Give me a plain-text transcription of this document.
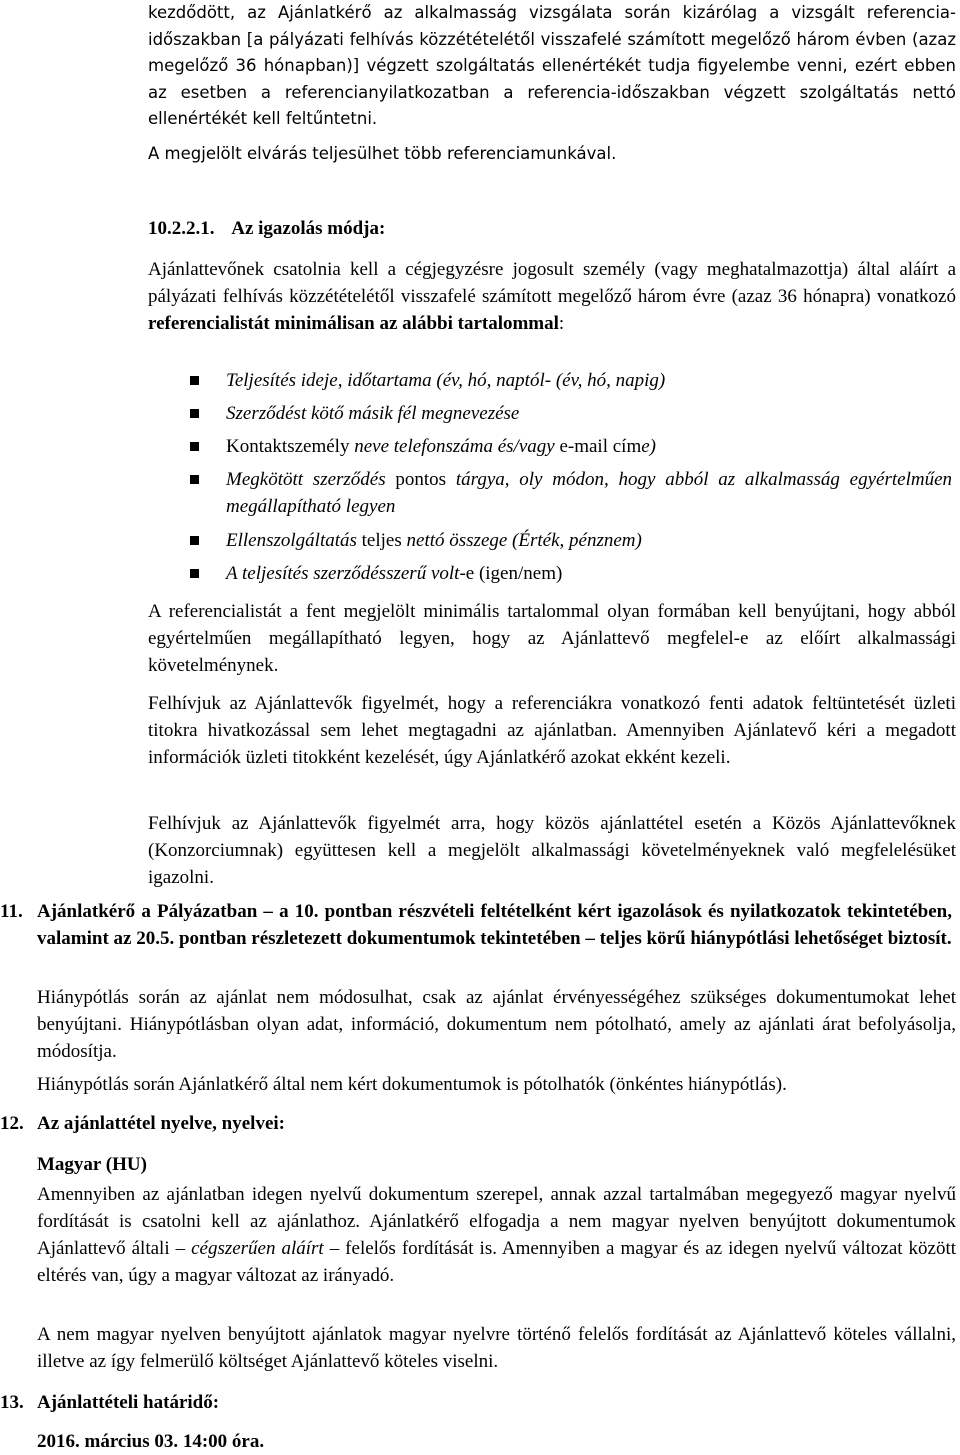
kezdődött, az Ajánlatkérő az alkalmasság vizsgálata során kizárólag a vizsgált referencia-időszakban [a pályázati felhívás közzétételétől visszafelé számított megelőző három évben (azaz megelőző 36 hónapban)] végzett szolgáltatás ellenértékét tudja figyelembe venni, ezért ebben az esetben a referencianyilatkozatban a referencia-időszakban végzett szolgáltatás nettó ellenértékét kell feltűntetni.

A megjelölt elvárás teljesülhet több referenciamunkával.

10.2.2.1. Az igazolás módja:

Ajánlattevőnek csatolnia kell a cégjegyzésre jogosult személy (vagy meghatalmazottja) által aláírt a pályázati felhívás közzétételétől visszafelé számított megelőző három évre (azaz 36 hónapra) vonatkozó referencialistát minimálisan az alábbi tartalommal:

Teljesítés ideje, időtartama (év, hó, naptól- (év, hó, napig)
Szerződést kötő másik fél megnevezése
Kontaktszemély neve telefonszáma és/vagy e-mail címe)
Megkötött szerződés pontos tárgya, oly módon, hogy abból az alkalmasság egyértelműen megállapítható legyen
Ellenszolgáltatás teljes nettó összege (Érték, pénznem)
A teljesítés szerződésszerű volt-e (igen/nem)

A referencialistát a fent megjelölt minimális tartalommal olyan formában kell benyújtani, hogy abból egyértelműen megállapítható legyen, hogy az Ajánlattevő megfelel-e az előírt alkalmassági követelménynek.

Felhívjuk az Ajánlattevők figyelmét, hogy a referenciákra vonatkozó fenti adatok feltüntetését üzleti titokra hivatkozással sem lehet megtagadni az ajánlatban. Amennyiben Ajánlatevő kéri a megadott információk üzleti titokként kezelését, úgy Ajánlatkérő azokat ekként kezeli.

Felhívjuk az Ajánlattevők figyelmét arra, hogy közös ajánlattétel esetén a Közös Ajánlattevőknek (Konzorciumnak) együttesen kell a megjelölt alkalmassági követelményeknek való megfelelésüket igazolni.

11. Ajánlatkérő a Pályázatban – a 10. pontban részvételi feltételként kért igazolások és nyilatkozatok tekintetében, valamint az 20.5. pontban részletezett dokumentumok tekintetében – teljes körű hiánypótlási lehetőséget biztosít.

Hiánypótlás során az ajánlat nem módosulhat, csak az ajánlat érvényességéhez szükséges dokumentumokat lehet benyújtani. Hiánypótlásban olyan adat, információ, dokumentum nem pótolható, amely az ajánlati árat befolyásolja, módosítja.

Hiánypótlás során Ajánlatkérő által nem kért dokumentumok is pótolhatók (önkéntes hiánypótlás).

12. Az ajánlattétel nyelve, nyelvei:

Magyar (HU)

Amennyiben az ajánlatban idegen nyelvű dokumentum szerepel, annak azzal tartalmában megegyező magyar nyelvű fordítását is csatolni kell az ajánlathoz. Ajánlatkérő elfogadja a nem magyar nyelven benyújtott dokumentumok Ajánlattevő általi – cégszerűen aláírt – felelős fordítását is. Amennyiben a magyar és az idegen nyelvű változat között eltérés van, úgy a magyar változat az irányadó.

A nem magyar nyelven benyújtott ajánlatok magyar nyelvre történő felelős fordítását az Ajánlattevő köteles vállalni, illetve az így felmerülő költséget Ajánlattevő köteles viselni.

13. Ajánlattételi határidő:

2016. március 03. 14:00 óra.
